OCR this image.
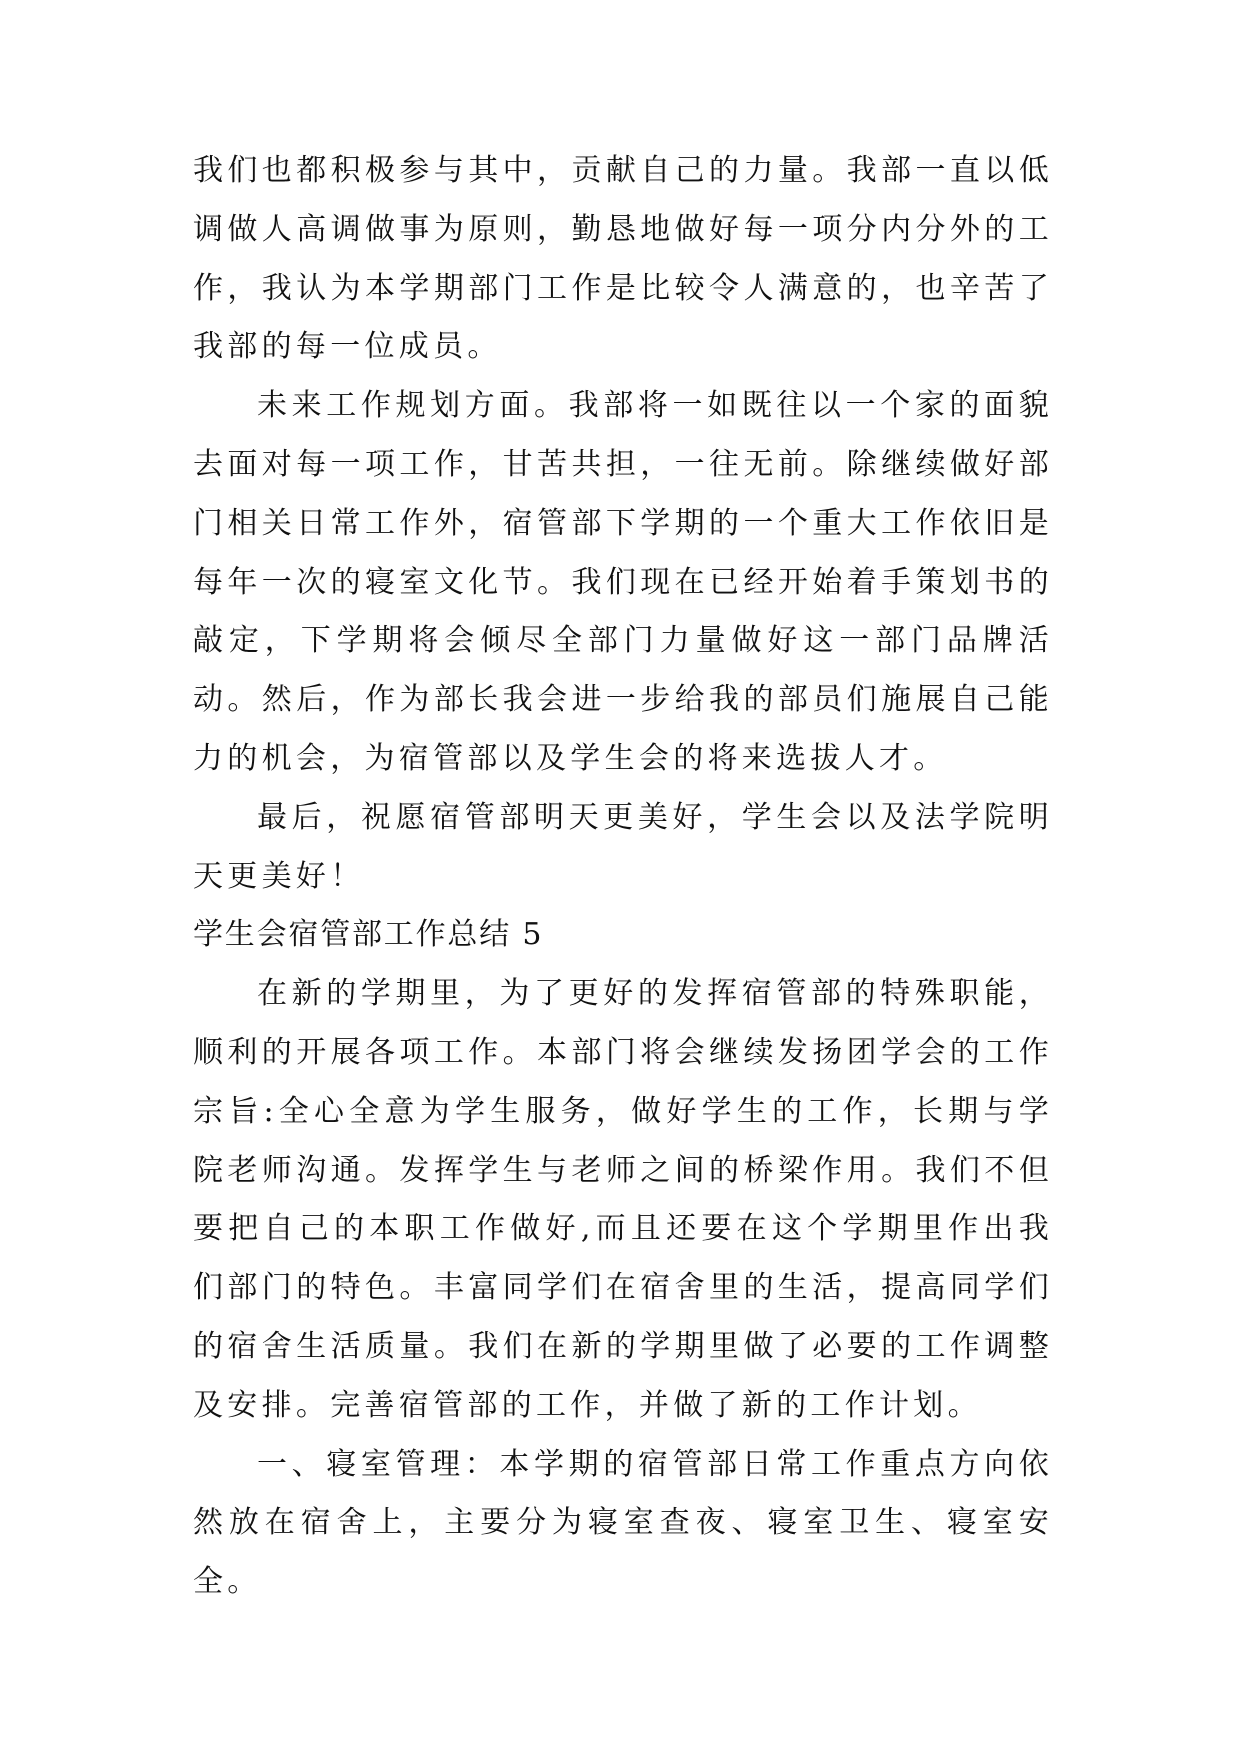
我们也都积极参与其中，贡献自己的力量。我部一直以低调做人高调做事为原则，勤恳地做好每一项分内分外的工作，我认为本学期部门工作是比较令人满意的，也辛苦了我部的每一位成员。

未来工作规划方面。我部将一如既往以一个家的面貌去面对每一项工作，甘苦共担，一往无前。除继续做好部门相关日常工作外，宿管部下学期的一个重大工作依旧是每年一次的寝室文化节。我们现在已经开始着手策划书的敲定，下学期将会倾尽全部门力量做好这一部门品牌活动。然后，作为部长我会进一步给我的部员们施展自己能力的机会，为宿管部以及学生会的将来选拔人才。

最后，祝愿宿管部明天更美好，学生会以及法学院明天更美好！

学生会宿管部工作总结 5

在新的学期里，为了更好的发挥宿管部的特殊职能，顺利的开展各项工作。本部门将会继续发扬团学会的工作宗旨:全心全意为学生服务，做好学生的工作，长期与学院老师沟通。发挥学生与老师之间的桥梁作用。我们不但要把自己的本职工作做好,而且还要在这个学期里作出我们部门的特色。丰富同学们在宿舍里的生活，提高同学们的宿舍生活质量。我们在新的学期里做了必要的工作调整及安排。完善宿管部的工作，并做了新的工作计划。

一、寝室管理：本学期的宿管部日常工作重点方向依然放在宿舍上，主要分为寝室查夜、寝室卫生、寝室安全。
